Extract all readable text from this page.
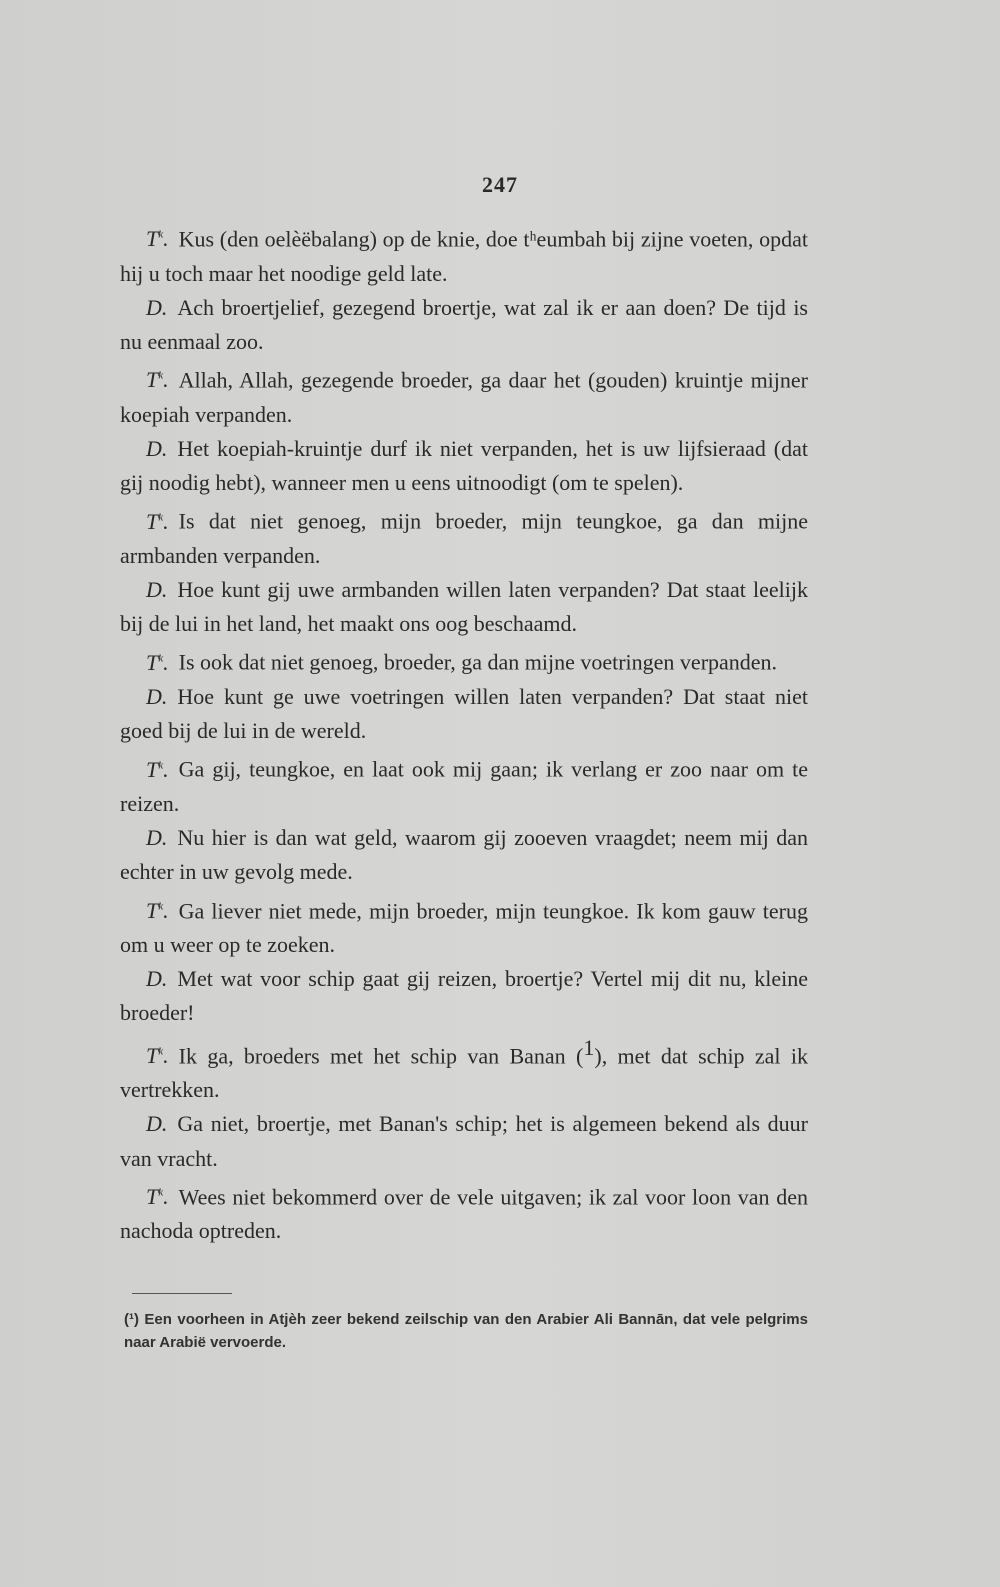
247

$T^k$. Kus (den oelèëbalang) op de knie, doe tʰeumbah bij zijne voeten, opdat hij u toch maar het noodige geld late.

D. Ach broertjelief, gezegend broertje, wat zal ik er aan doen? De tijd is nu eenmaal zoo.

$T^k$. Allah, Allah, gezegende broeder, ga daar het (gouden) kruintje mijner koepiah verpanden.

D. Het koepiah-kruintje durf ik niet verpanden, het is uw lijfsieraad (dat gij noodig hebt), wanneer men u eens uitnoodigt (om te spelen).

$T^k$. Is dat niet genoeg, mijn broeder, mijn teungkoe, ga dan mijne armbanden verpanden.

D. Hoe kunt gij uwe armbanden willen laten verpanden? Dat staat leelijk bij de lui in het land, het maakt ons oog beschaamd.

$T^k$. Is ook dat niet genoeg, broeder, ga dan mijne voetringen verpanden.

D. Hoe kunt ge uwe voetringen willen laten verpanden? Dat staat niet goed bij de lui in de wereld.

$T^k$. Ga gij, teungkoe, en laat ook mij gaan; ik verlang er zoo naar om te reizen.

D. Nu hier is dan wat geld, waarom gij zooeven vraagdet; neem mij dan echter in uw gevolg mede.

$T^k$. Ga liever niet mede, mijn broeder, mijn teungkoe. Ik kom gauw terug om u weer op te zoeken.

D. Met wat voor schip gaat gij reizen, broertje? Vertel mij dit nu, kleine broeder!

$T^k$. Ik ga, broeders met het schip van Banan ($^1$), met dat schip zal ik vertrekken.

D. Ga niet, broertje, met Banan's schip; het is algemeen bekend als duur van vracht.

$T^k$. Wees niet bekommerd over de vele uitgaven; ik zal voor loon van den nachoda optreden.

(¹) Een voorheen in Atjèh zeer bekend zeilschip van den Arabier Ali Bannān, dat vele pelgrims naar Arabië vervoerde.
